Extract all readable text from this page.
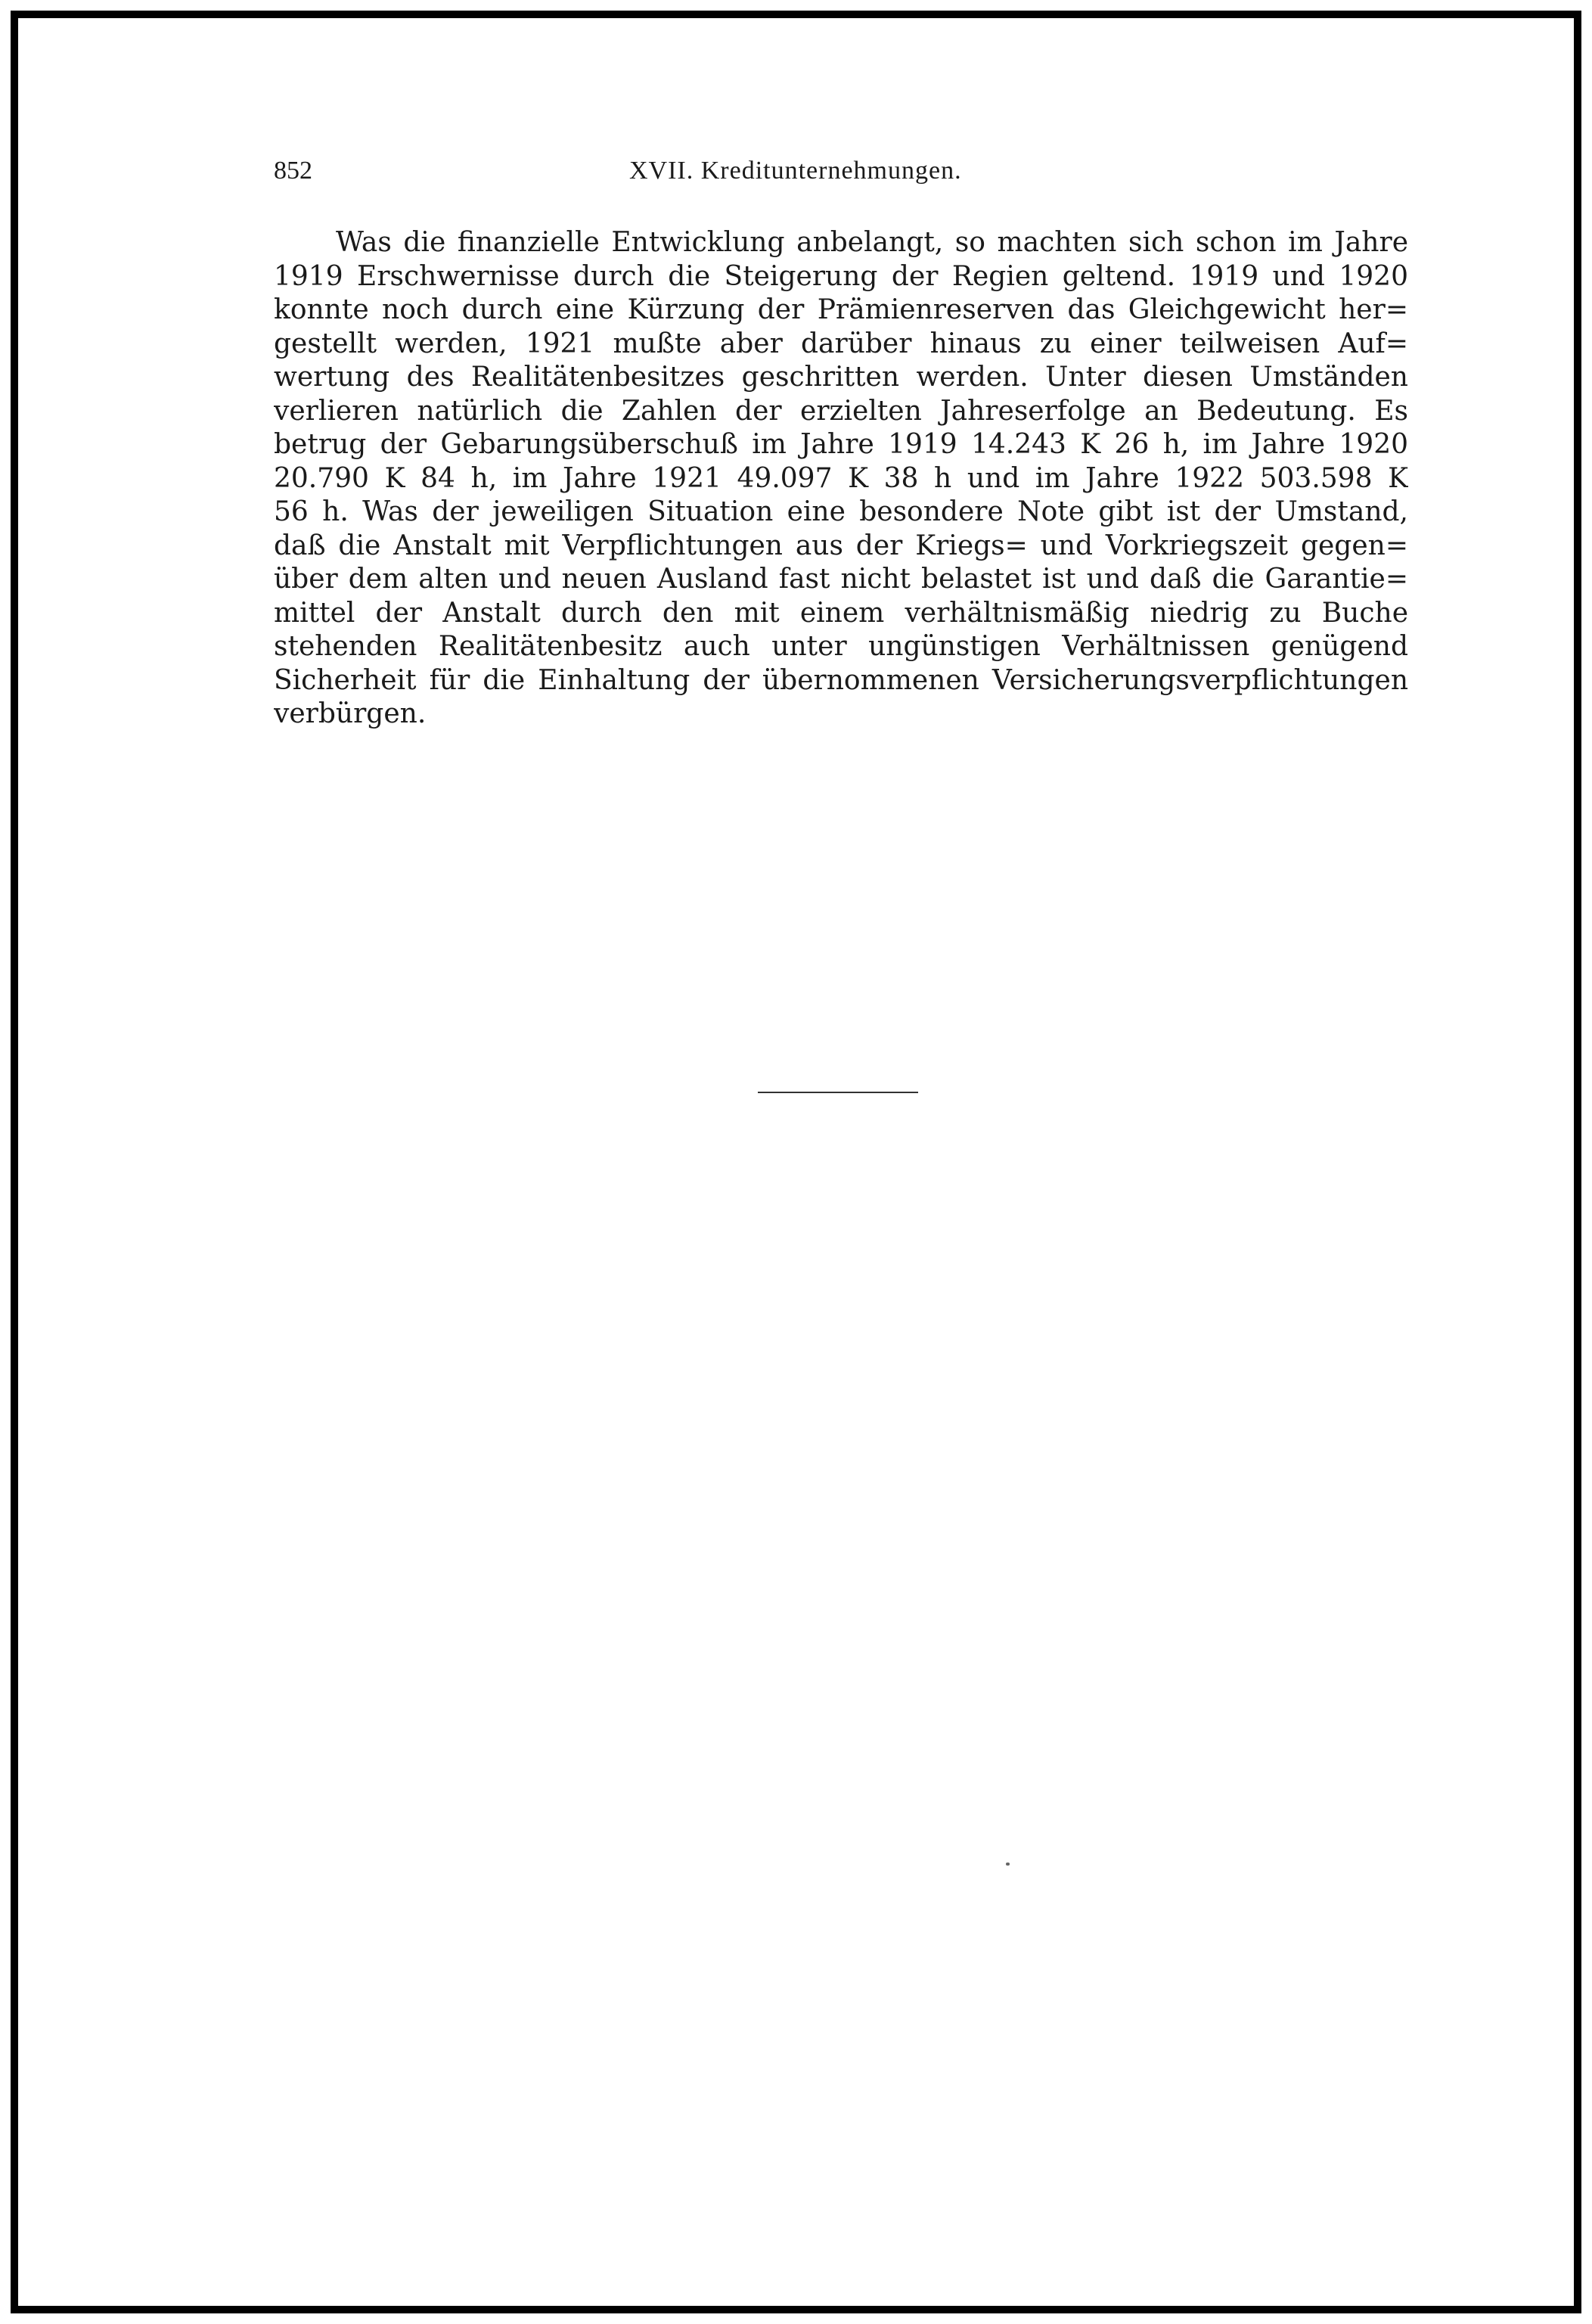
852	XVII. Kreditunternehmungen.
Was die finanzielle Entwicklung anbelangt, so machten sich schon im Jahre
1919 Erschwernisse durch die Steigerung der Regien geltend. 1919 und 1920
konnte noch durch eine Kürzung der Prämienreserven das Gleichgewicht her=
gestellt werden, 1921 mußte aber darüber hinaus zu einer teilweisen Auf=
wertung des Realitätenbesitzes geschritten werden. Unter diesen Umständen
verlieren natürlich die Zahlen der erzielten Jahreserfolge an Bedeutung. Es
betrug der Gebarungsüberschuß im Jahre 1919 14.243 K 26 h, im Jahre 1920
20.790 K 84 h, im Jahre 1921 49.097 K 38 h und im Jahre 1922 503.598 K
56 h. Was der jeweiligen Situation eine besondere Note gibt ist der Umstand,
daß die Anstalt mit Verpflichtungen aus der Kriegs= und Vorkriegszeit gegen=
über dem alten und neuen Ausland fast nicht belastet ist und daß die Garantie=
mittel der Anstalt durch den mit einem verhältnismäßig niedrig zu Buche
stehenden Realitätenbesitz auch unter ungünstigen Verhältnissen genügend
Sicherheit für die Einhaltung der übernommenen Versicherungsverpflichtungen
verbürgen.
